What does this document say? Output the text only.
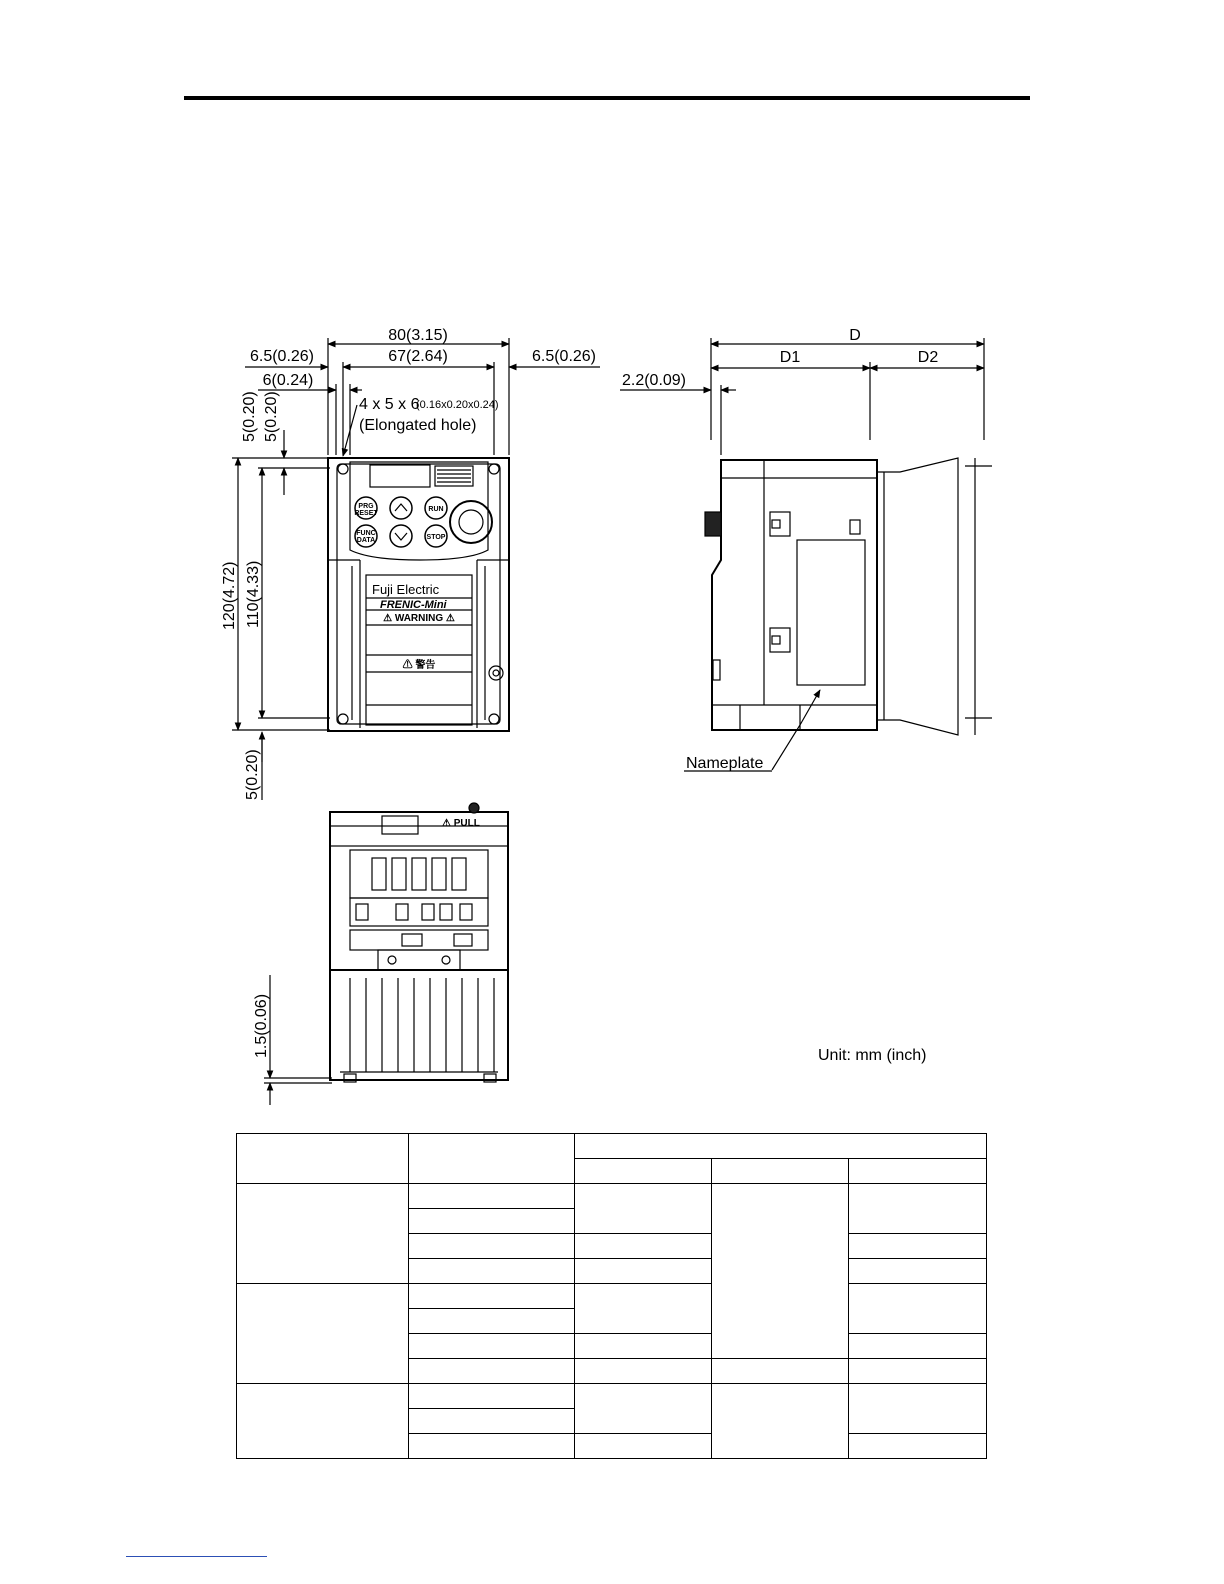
80(3.15)
6.5(0.26)	67(2.64)	6.5(0.26)
6(0.24)
4 x 5 x 6
(0.16x0.20x0.24)
(Elongated hole)
5(0.20) 5(0.20)
120(4.72) 110(4.33)
5(0.20)
PRG
RESET
FUNC
DATA
RUN
STOP
Fuji Electric
FRENIC-Mini
⚠ WARNING ⚠
⚠ 警告
D
D1	D2
2.2(0.09)
Nameplate
⚠ PULL
1.5(0.06)	Unit: mm (inch)
